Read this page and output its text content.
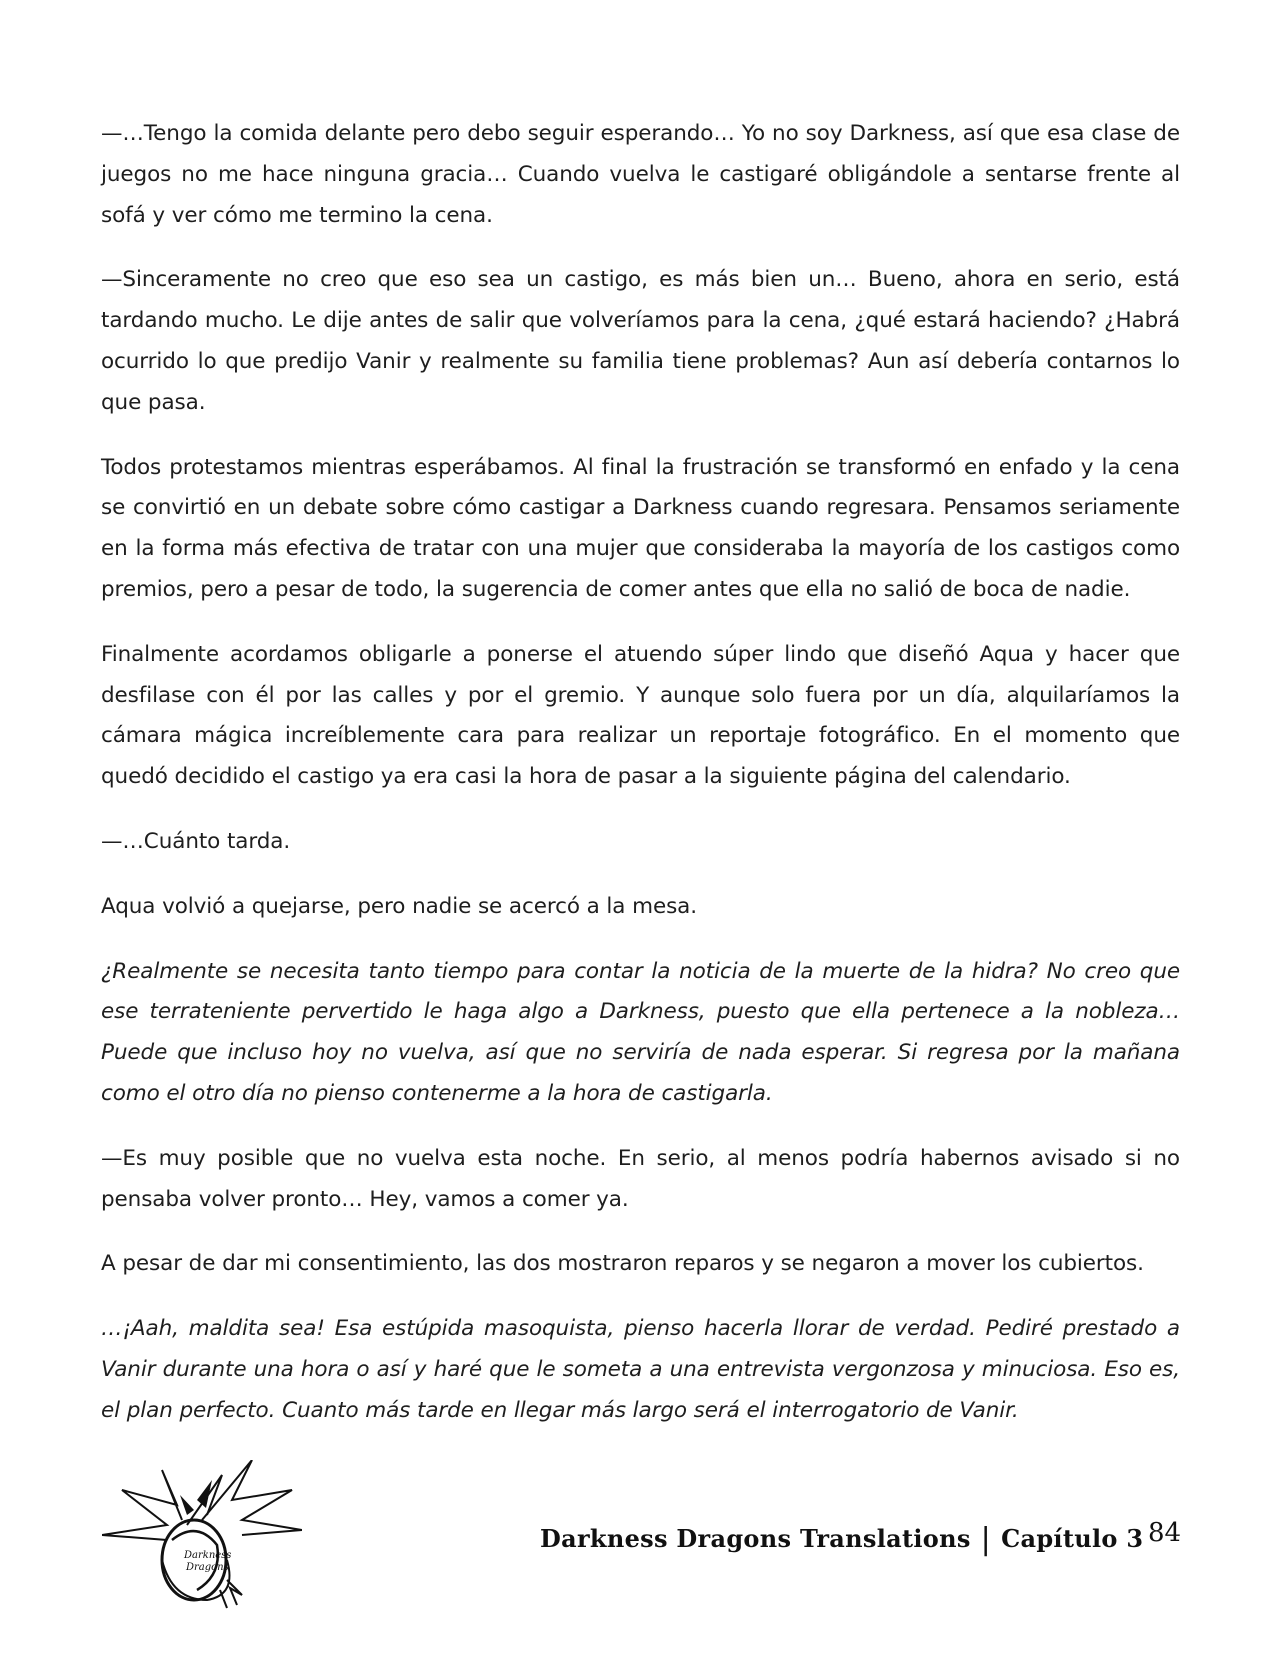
—…Tengo la comida delante pero debo seguir esperando… Yo no soy Darkness, así que esa clase de juegos no me hace ninguna gracia… Cuando vuelva le castigaré obligándole a sentarse frente al sofá y ver cómo me termino la cena.

—Sinceramente no creo que eso sea un castigo, es más bien un… Bueno, ahora en serio, está tardando mucho. Le dije antes de salir que volveríamos para la cena, ¿qué estará haciendo? ¿Habrá ocurrido lo que predijo Vanir y realmente su familia tiene problemas? Aun así debería contarnos lo que pasa.

Todos protestamos mientras esperábamos. Al final la frustración se transformó en enfado y la cena se convirtió en un debate sobre cómo castigar a Darkness cuando regresara. Pensamos seriamente en la forma más efectiva de tratar con una mujer que consideraba la mayoría de los castigos como premios, pero a pesar de todo, la sugerencia de comer antes que ella no salió de boca de nadie.

Finalmente acordamos obligarle a ponerse el atuendo súper lindo que diseñó Aqua y hacer que desfilase con él por las calles y por el gremio. Y aunque solo fuera por un día, alquilaríamos la cámara mágica increíblemente cara para realizar un reportaje fotográfico. En el momento que quedó decidido el castigo ya era casi la hora de pasar a la siguiente página del calendario.

—…Cuánto tarda.

Aqua volvió a quejarse, pero nadie se acercó a la mesa.

¿Realmente se necesita tanto tiempo para contar la noticia de la muerte de la hidra? No creo que ese terrateniente pervertido le haga algo a Darkness, puesto que ella pertenece a la nobleza… Puede que incluso hoy no vuelva, así que no serviría de nada esperar. Si regresa por la mañana como el otro día no pienso contenerme a la hora de castigarla.

—Es muy posible que no vuelva esta noche. En serio, al menos podría habernos avisado si no pensaba volver pronto… Hey, vamos a comer ya.

A pesar de dar mi consentimiento, las dos mostraron reparos y se negaron a mover los cubiertos.

…¡Aah, maldita sea! Esa estúpida masoquista, pienso hacerla llorar de verdad. Pediré prestado a Vanir durante una hora o así y haré que le someta a una entrevista vergonzosa y minuciosa. Eso es, el plan perfecto. Cuanto más tarde en llegar más largo será el interrogatorio de Vanir.

Darkness
Dragons
Darkness Dragons Translations | Capítulo 3 84
